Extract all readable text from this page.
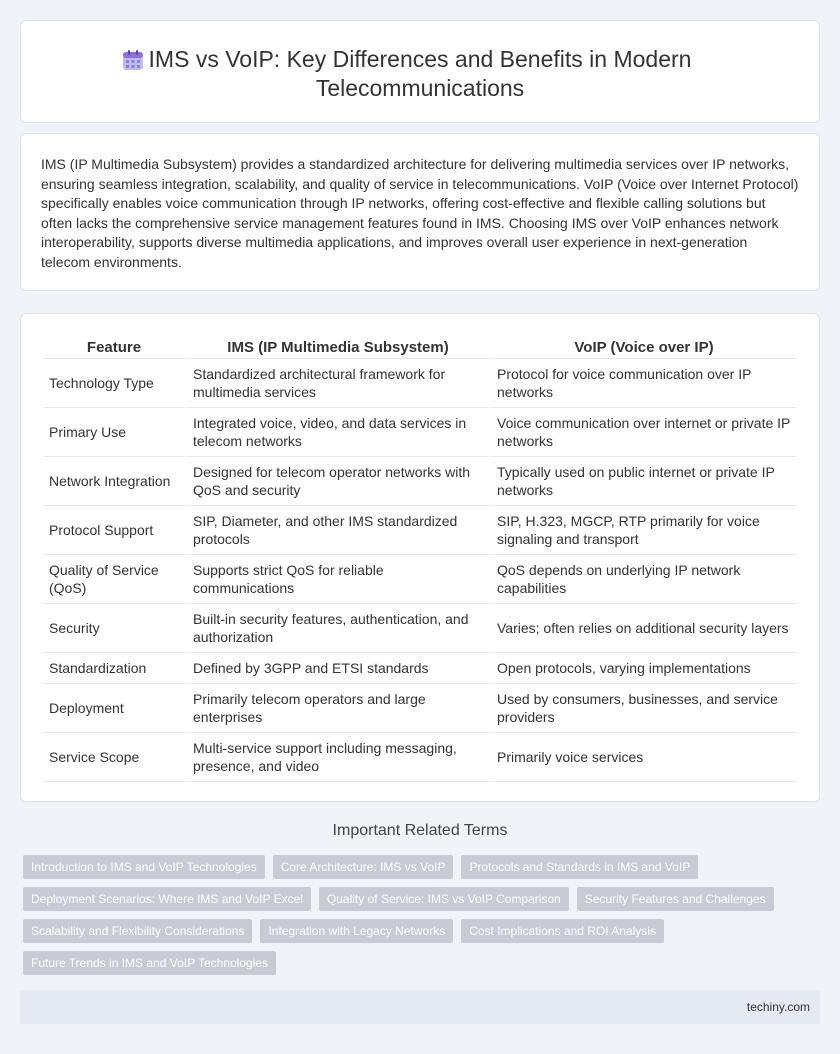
IMS vs VoIP: Key Differences and Benefits in Modern Telecommunications

IMS (IP Multimedia Subsystem) provides a standardized architecture for delivering multimedia services over IP networks, ensuring seamless integration, scalability, and quality of service in telecommunications. VoIP (Voice over Internet Protocol) specifically enables voice communication through IP networks, offering cost-effective and flexible calling solutions but often lacks the comprehensive service management features found in IMS. Choosing IMS over VoIP enhances network interoperability, supports diverse multimedia applications, and improves overall user experience in next-generation telecom environments.

Feature	IMS (IP Multimedia Subsystem)	VoIP (Voice over IP)
Technology Type	Standardized architectural framework for multimedia services	Protocol for voice communication over IP networks
Primary Use	Integrated voice, video, and data services in telecom networks	Voice communication over internet or private IP networks
Network Integration	Designed for telecom operator networks with QoS and security	Typically used on public internet or private IP networks
Protocol Support	SIP, Diameter, and other IMS standardized protocols	SIP, H.323, MGCP, RTP primarily for voice signaling and transport
Quality of Service (QoS)	Supports strict QoS for reliable communications	QoS depends on underlying IP network capabilities
Security	Built-in security features, authentication, and authorization	Varies; often relies on additional security layers
Standardization	Defined by 3GPP and ETSI standards	Open protocols, varying implementations
Deployment	Primarily telecom operators and large enterprises	Used by consumers, businesses, and service providers
Service Scope	Multi-service support including messaging, presence, and video	Primarily voice services
Important Related Terms
Introduction to IMS and VoIP Technologies	Core Architecture: IMS vs VoIP	Protocols and Standards in IMS and VoIP
Deployment Scenarios: Where IMS and VoIP Excel	Quality of Service: IMS vs VoIP Comparison	Security Features and Challenges
Scalability and Flexibility Considerations	Integration with Legacy Networks	Cost Implications and ROI Analysis
Future Trends in IMS and VoIP Technologies
techiny.com
